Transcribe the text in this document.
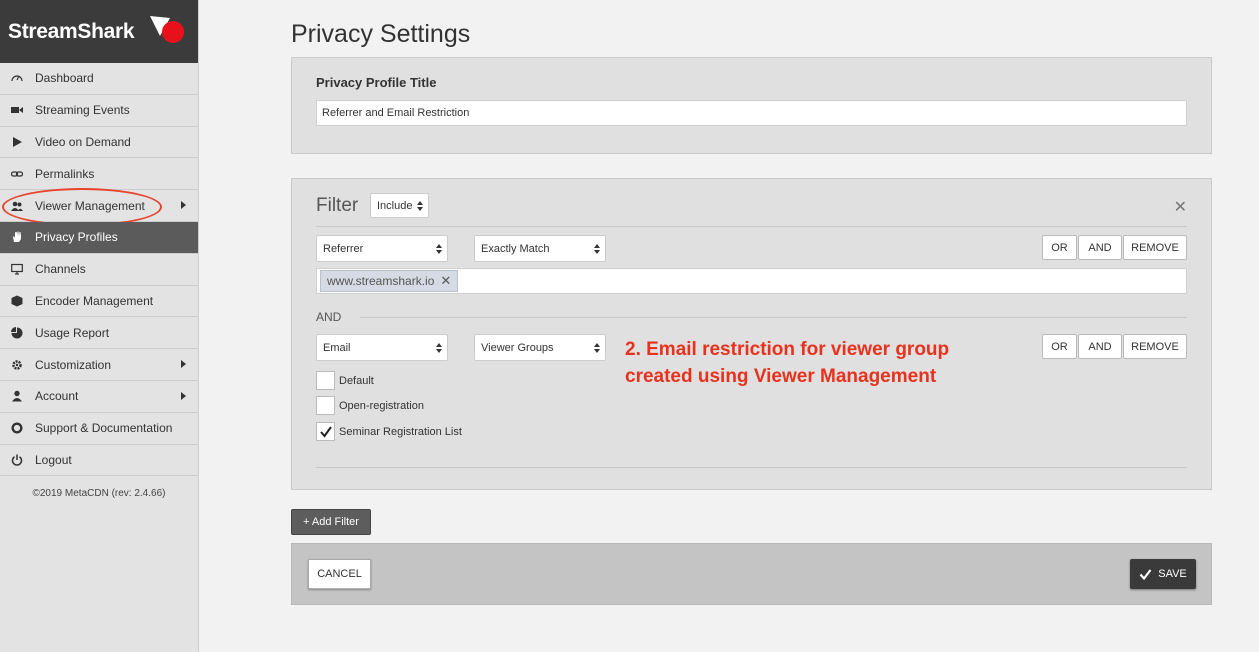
StreamShark
Dashboard
Streaming Events
Video on Demand
Permalinks
Viewer Management
Privacy Profiles
Channels
Encoder Management
Usage Report
Customization
Account
Support & Documentation
Logout
©2019 MetaCDN (rev: 2.4.66)
Privacy Settings
Privacy Profile Title
Referrer and Email Restriction
Filter Include	✕
Referrer	Exactly Match	OR	AND	REMOVE
www.streamshark.io ✕
AND
Email	Viewer Groups	2. Email restriction for viewer group
created using Viewer Management
OR	AND	REMOVE
Default
Open-registration
Seminar Registration List
+ Add Filter
CANCEL	SAVE
